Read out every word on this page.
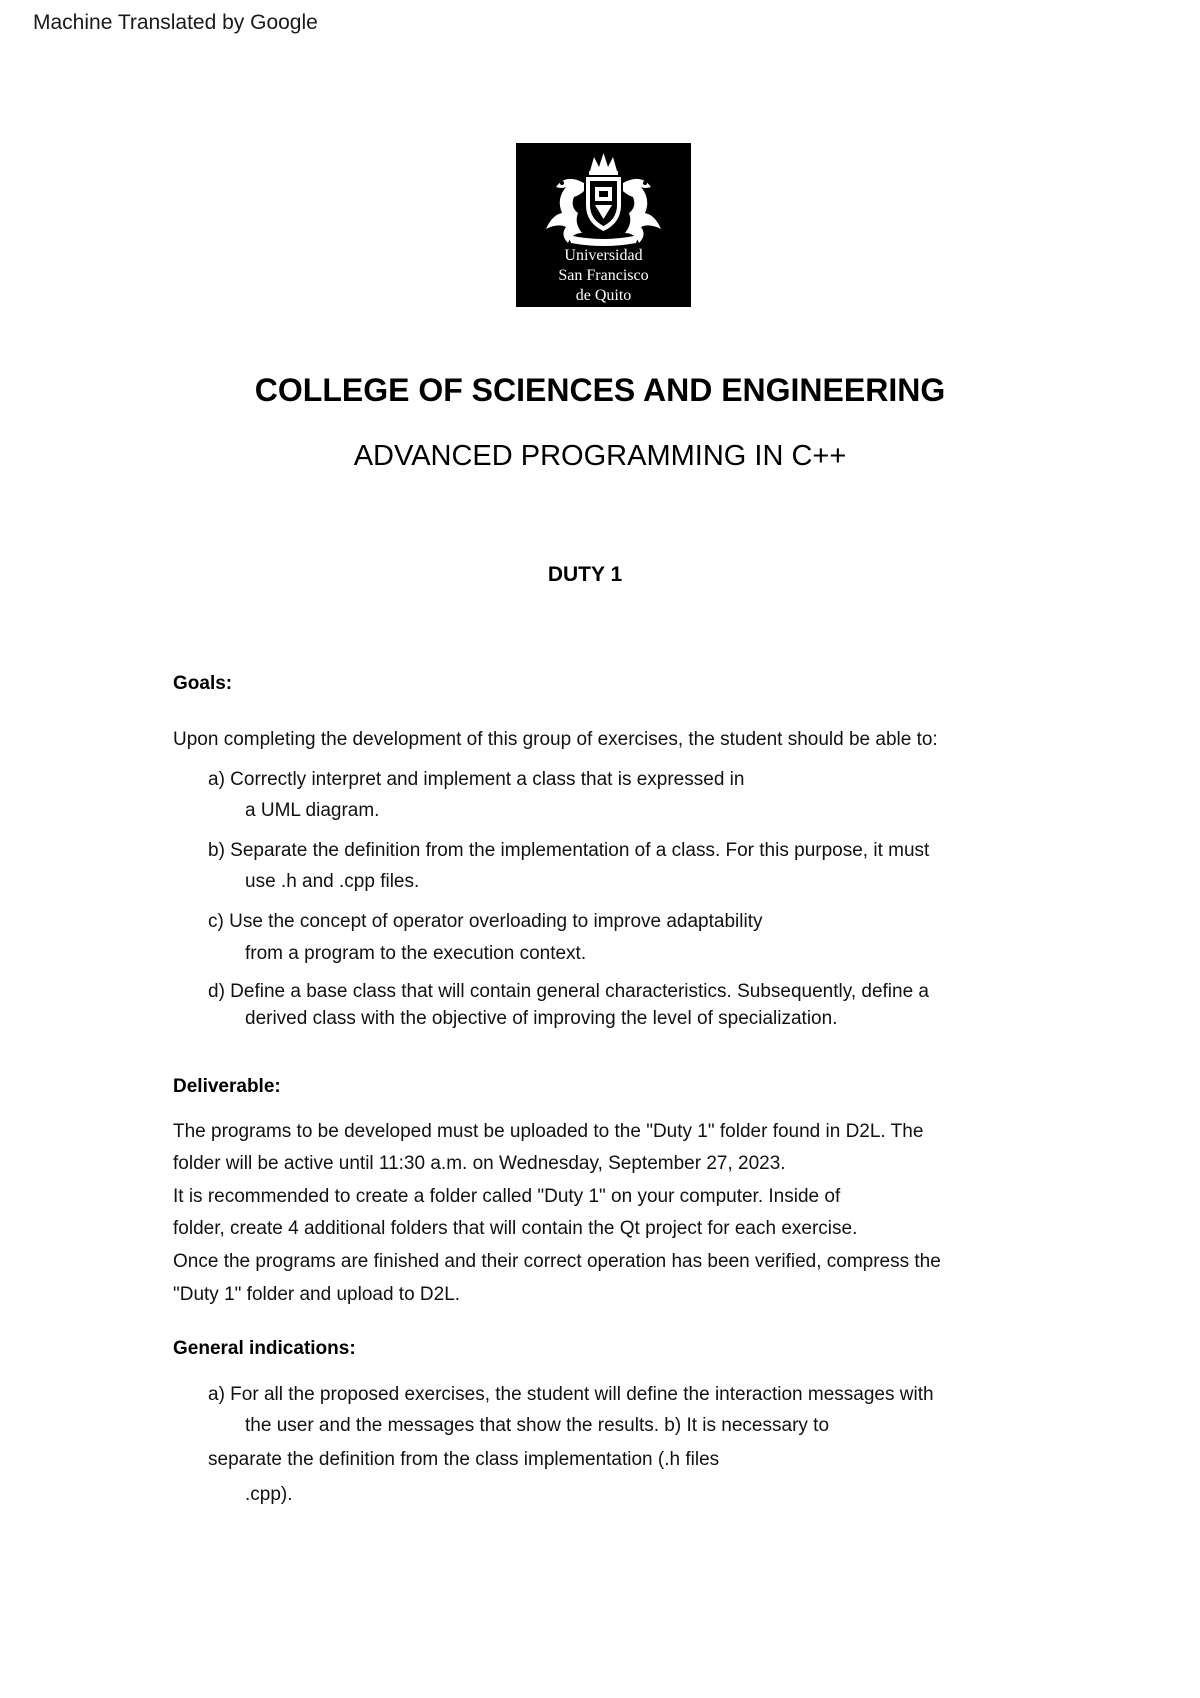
Machine Translated by Google
Universidad
San Francisco
de Quito
COLLEGE OF SCIENCES AND ENGINEERING
ADVANCED PROGRAMMING IN C++
DUTY 1
Goals:
Upon completing the development of this group of exercises, the student should be able to:
a) Correctly interpret and implement a class that is expressed in
a UML diagram.
b) Separate the definition from the implementation of a class. For this purpose, it must
use .h and .cpp files.
c) Use the concept of operator overloading to improve adaptability
from a program to the execution context.
d) Define a base class that will contain general characteristics. Subsequently, define a
derived class with the objective of improving the level of specialization.
Deliverable:
The programs to be developed must be uploaded to the "Duty 1" folder found in D2L. The
folder will be active until 11:30 a.m. on Wednesday, September 27, 2023.
It is recommended to create a folder called "Duty 1" on your computer. Inside of
folder, create 4 additional folders that will contain the Qt project for each exercise.
Once the programs are finished and their correct operation has been verified, compress the
"Duty 1" folder and upload to D2L.
General indications:
a) For all the proposed exercises, the student will define the interaction messages with
the user and the messages that show the results. b) It is necessary to
separate the definition from the class implementation (.h files
.cpp).
